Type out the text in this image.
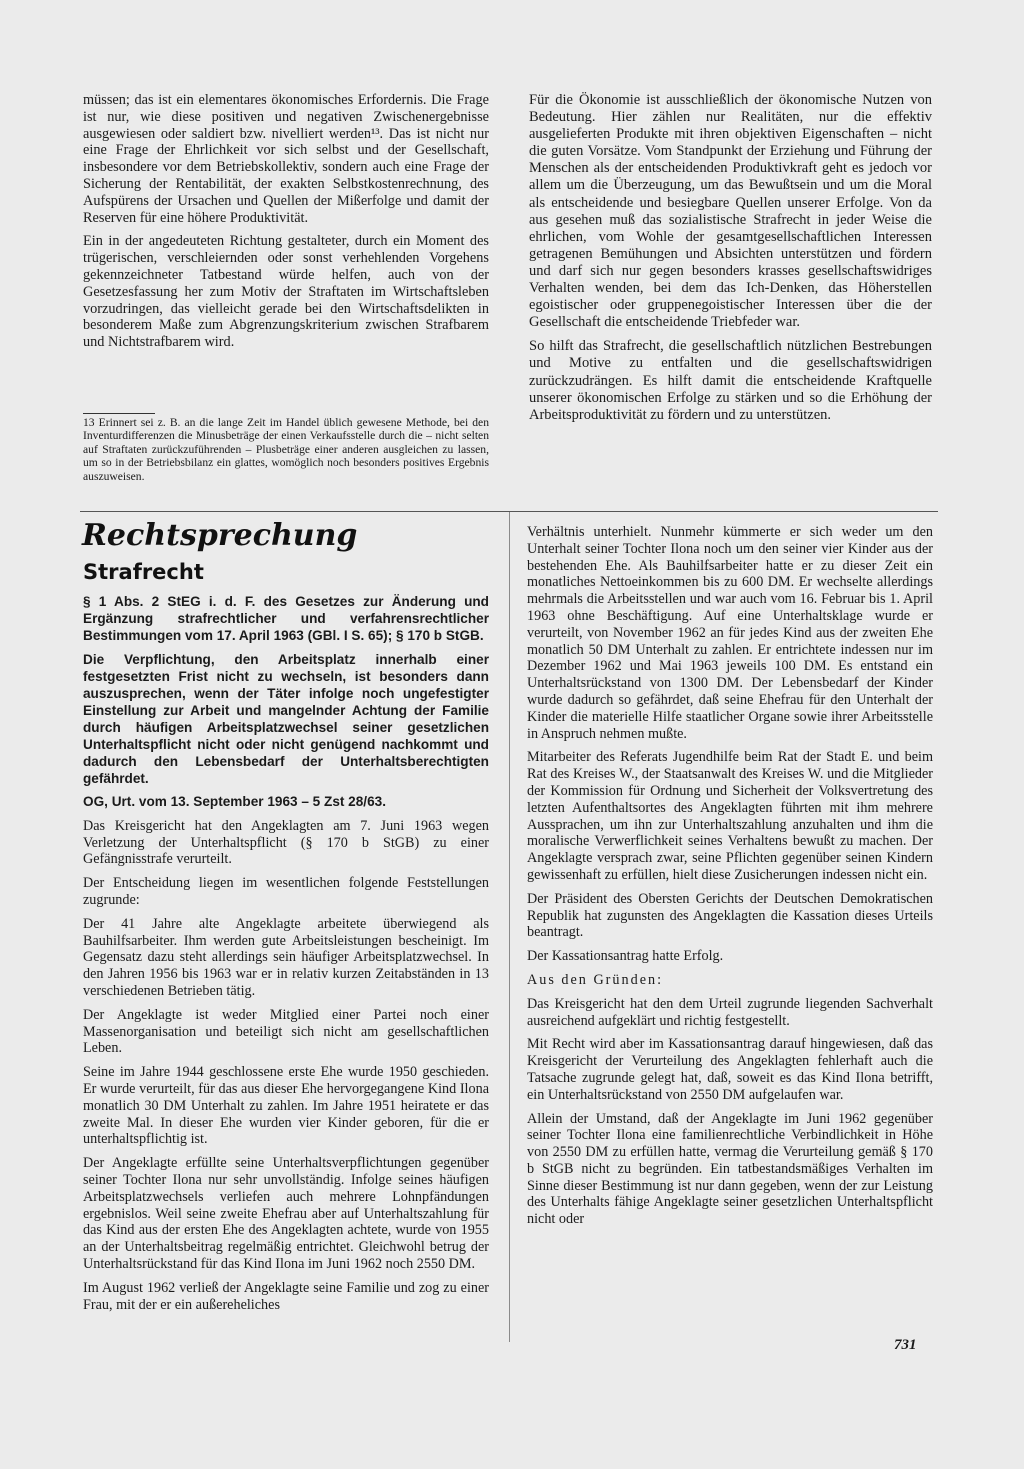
müssen; das ist ein elementares ökonomisches Erfordernis. Die Frage ist nur, wie diese positiven und negativen Zwischenergebnisse ausgewiesen oder saldiert bzw. nivelliert werden¹³. Das ist nicht nur eine Frage der Ehrlichkeit vor sich selbst und der Gesellschaft, insbesondere vor dem Betriebskollektiv, sondern auch eine Frage der Sicherung der Rentabilität, der exakten Selbstkostenrechnung, des Aufspürens der Ursachen und Quellen der Mißerfolge und damit der Reserven für eine höhere Produktivität.

Ein in der angedeuteten Richtung gestalteter, durch ein Moment des trügerischen, verschleiernden oder sonst verhehlenden Vorgehens gekennzeichneter Tatbestand würde helfen, auch von der Gesetzesfassung her zum Motiv der Straftaten im Wirtschaftsleben vorzudringen, das vielleicht gerade bei den Wirtschaftsdelikten in besonderem Maße zum Abgrenzungskriterium zwischen Strafbarem und Nichtstrafbarem wird.

13 Erinnert sei z. B. an die lange Zeit im Handel üblich gewesene Methode, bei den Inventurdifferenzen die Minusbeträge der einen Verkaufsstelle durch die – nicht selten auf Straftaten zurückzuführenden – Plusbeträge einer anderen ausgleichen zu lassen, um so in der Betriebsbilanz ein glattes, womöglich noch besonders positives Ergebnis auszuweisen.

Für die Ökonomie ist ausschließlich der ökonomische Nutzen von Bedeutung. Hier zählen nur Realitäten, nur die effektiv ausgelieferten Produkte mit ihren objektiven Eigenschaften – nicht die guten Vorsätze. Vom Standpunkt der Erziehung und Führung der Menschen als der entscheidenden Produktivkraft geht es jedoch vor allem um die Überzeugung, um das Bewußtsein und um die Moral als entscheidende und besiegbare Quellen unserer Erfolge. Von da aus gesehen muß das sozialistische Strafrecht in jeder Weise die ehrlichen, vom Wohle der gesamtgesellschaftlichen Interessen getragenen Bemühungen und Absichten unterstützen und fördern und darf sich nur gegen besonders krasses gesellschaftswidriges Verhalten wenden, bei dem das Ich-Denken, das Höherstellen egoistischer oder gruppenegoistischer Interessen über die der Gesellschaft die entscheidende Triebfeder war.

So hilft das Strafrecht, die gesellschaftlich nützlichen Bestrebungen und Motive zu entfalten und die gesellschaftswidrigen zurückzudrängen. Es hilft damit die entscheidende Kraftquelle unserer ökonomischen Erfolge zu stärken und so die Erhöhung der Arbeitsproduktivität zu fördern und zu unterstützen.

Rechtsprechung
Strafrecht

§ 1 Abs. 2 StEG i. d. F. des Gesetzes zur Änderung und Ergänzung strafrechtlicher und verfahrensrechtlicher Bestimmungen vom 17. April 1963 (GBl. I S. 65); § 170 b StGB.

Die Verpflichtung, den Arbeitsplatz innerhalb einer festgesetzten Frist nicht zu wechseln, ist besonders dann auszusprechen, wenn der Täter infolge noch ungefestigter Einstellung zur Arbeit und mangelnder Achtung der Familie durch häufigen Arbeitsplatzwechsel seiner gesetzlichen Unterhaltspflicht nicht oder nicht genügend nachkommt und dadurch den Lebensbedarf der Unterhaltsberechtigten gefährdet.

OG, Urt. vom 13. September 1963 – 5 Zst 28/63.

Das Kreisgericht hat den Angeklagten am 7. Juni 1963 wegen Verletzung der Unterhaltspflicht (§ 170 b StGB) zu einer Gefängnisstrafe verurteilt.

Der Entscheidung liegen im wesentlichen folgende Feststellungen zugrunde:

Der 41 Jahre alte Angeklagte arbeitete überwiegend als Bauhilfsarbeiter. Ihm werden gute Arbeitsleistungen bescheinigt. Im Gegensatz dazu steht allerdings sein häufiger Arbeitsplatzwechsel. In den Jahren 1956 bis 1963 war er in relativ kurzen Zeitabständen in 13 verschiedenen Betrieben tätig.

Der Angeklagte ist weder Mitglied einer Partei noch einer Massenorganisation und beteiligt sich nicht am gesellschaftlichen Leben.

Seine im Jahre 1944 geschlossene erste Ehe wurde 1950 geschieden. Er wurde verurteilt, für das aus dieser Ehe hervorgegangene Kind Ilona monatlich 30 DM Unterhalt zu zahlen. Im Jahre 1951 heiratete er das zweite Mal. In dieser Ehe wurden vier Kinder geboren, für die er unterhaltspflichtig ist.

Der Angeklagte erfüllte seine Unterhaltsverpflichtungen gegenüber seiner Tochter Ilona nur sehr unvollständig. Infolge seines häufigen Arbeitsplatzwechsels verliefen auch mehrere Lohnpfändungen ergebnislos. Weil seine zweite Ehefrau aber auf Unterhaltszahlung für das Kind aus der ersten Ehe des Angeklagten achtete, wurde von 1955 an der Unterhaltsbeitrag regelmäßig entrichtet. Gleichwohl betrug der Unterhaltsrückstand für das Kind Ilona im Juni 1962 noch 2550 DM.

Im August 1962 verließ der Angeklagte seine Familie und zog zu einer Frau, mit der er ein außereheliches

Verhältnis unterhielt. Nunmehr kümmerte er sich weder um den Unterhalt seiner Tochter Ilona noch um den seiner vier Kinder aus der bestehenden Ehe. Als Bauhilfsarbeiter hatte er zu dieser Zeit ein monatliches Nettoeinkommen bis zu 600 DM. Er wechselte allerdings mehrmals die Arbeitsstellen und war auch vom 16. Februar bis 1. April 1963 ohne Beschäftigung. Auf eine Unterhaltsklage wurde er verurteilt, von November 1962 an für jedes Kind aus der zweiten Ehe monatlich 50 DM Unterhalt zu zahlen. Er entrichtete indessen nur im Dezember 1962 und Mai 1963 jeweils 100 DM. Es entstand ein Unterhaltsrückstand von 1300 DM. Der Lebensbedarf der Kinder wurde dadurch so gefährdet, daß seine Ehefrau für den Unterhalt der Kinder die materielle Hilfe staatlicher Organe sowie ihrer Arbeitsstelle in Anspruch nehmen mußte.

Mitarbeiter des Referats Jugendhilfe beim Rat der Stadt E. und beim Rat des Kreises W., der Staatsanwalt des Kreises W. und die Mitglieder der Kommission für Ordnung und Sicherheit der Volksvertretung des letzten Aufenthaltsortes des Angeklagten führten mit ihm mehrere Aussprachen, um ihn zur Unterhaltszahlung anzuhalten und ihm die moralische Verwerflichkeit seines Verhaltens bewußt zu machen. Der Angeklagte versprach zwar, seine Pflichten gegenüber seinen Kindern gewissenhaft zu erfüllen, hielt diese Zusicherungen indessen nicht ein.

Der Präsident des Obersten Gerichts der Deutschen Demokratischen Republik hat zugunsten des Angeklagten die Kassation dieses Urteils beantragt.

Der Kassationsantrag hatte Erfolg.

Aus den Gründen:

Das Kreisgericht hat den dem Urteil zugrunde liegenden Sachverhalt ausreichend aufgeklärt und richtig festgestellt.

Mit Recht wird aber im Kassationsantrag darauf hingewiesen, daß das Kreisgericht der Verurteilung des Angeklagten fehlerhaft auch die Tatsache zugrunde gelegt hat, daß, soweit es das Kind Ilona betrifft, ein Unterhaltsrückstand von 2550 DM aufgelaufen war.

Allein der Umstand, daß der Angeklagte im Juni 1962 gegenüber seiner Tochter Ilona eine familienrechtliche Verbindlichkeit in Höhe von 2550 DM zu erfüllen hatte, vermag die Verurteilung gemäß § 170 b StGB nicht zu begründen. Ein tatbestandsmäßiges Verhalten im Sinne dieser Bestimmung ist nur dann gegeben, wenn der zur Leistung des Unterhalts fähige Angeklagte seiner gesetzlichen Unterhaltspflicht nicht oder

731
